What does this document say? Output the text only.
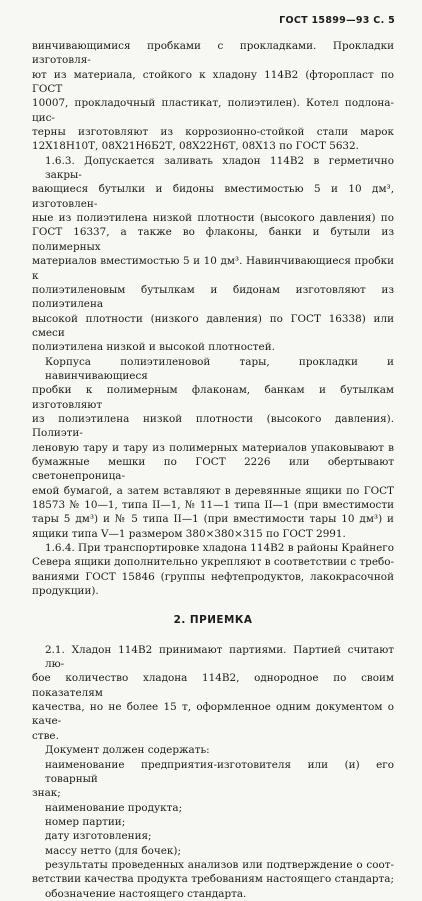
ГОСТ 15899—93 С. 5

винчивающимися пробками с прокладками. Прокладки изготовля-

ют из материала, стойкого к хладону 114В2 (фторопласт по ГОСТ

10007, прокладочный пластикат, полиэтилен). Котел подлона-цис-

терны изготовляют из коррозионно-стойкой стали марок

12Х18Н10Т, 08Х21Н6Б2Т, 08Х22Н6Т, 08Х13 по ГОСТ 5632.

1.6.3. Допускается заливать хладон 114В2 в герметично закры-

вающиеся бутылки и бидоны вместимостью 5 и 10 дм³, изготовлен-

ные из полиэтилена низкой плотности (высокого давления) по

ГОСТ 16337, а также во флаконы, банки и бутыли из полимерных

материалов вместимостью 5 и 10 дм³. Навинчивающиеся пробки к

полиэтиленовым бутылкам и бидонам изготовляют из полиэтилена

высокой плотности (низкого давления) по ГОСТ 16338) или смеси

полиэтилена низкой и высокой плотностей.

Корпуса полиэтиленовой тары, прокладки и навинчивающиеся

пробки к полимерным флаконам, банкам и бутылкам изготовляют

из полиэтилена низкой плотности (высокого давления). Полиэти-

леновую тару и тару из полимерных материалов упаковывают в

бумажные мешки по ГОСТ 2226 или обертывают светонепроница-

емой бумагой, а затем вставляют в деревянные ящики по ГОСТ

18573 № 10—1, типа II—1, № 11—1 типа II—1 (при вместимости

тары 5 дм³) и № 5 типа II—1 (при вместимости тары 10 дм³) и

ящики типа V—1 размером 380×380×315 по ГОСТ 2991.

1.6.4. При транспортировке хладона 114В2 в районы Крайнего

Севера ящики дополнительно укрепляют в соответствии с требо-

ваниями ГОСТ 15846 (группы нефтепродуктов, лакокрасочной

продукции).

2. ПРИЕМКА

2.1. Хладон 114В2 принимают партиями. Партией считают лю-

бое количество хладона 114В2, однородное по своим показателям

качества, но не более 15 т, оформленное одним документом о каче-

стве.

Документ должен содержать:

наименование предприятия-изготовителя или (и) его товарный

знак;

наименование продукта;

номер партии;

дату изготовления;

массу нетто (для бочек);

результаты проведенных анализов или подтверждение о соот-

ветствии качества продукта требованиям настоящего стандарта;

обозначение настоящего стандарта.
